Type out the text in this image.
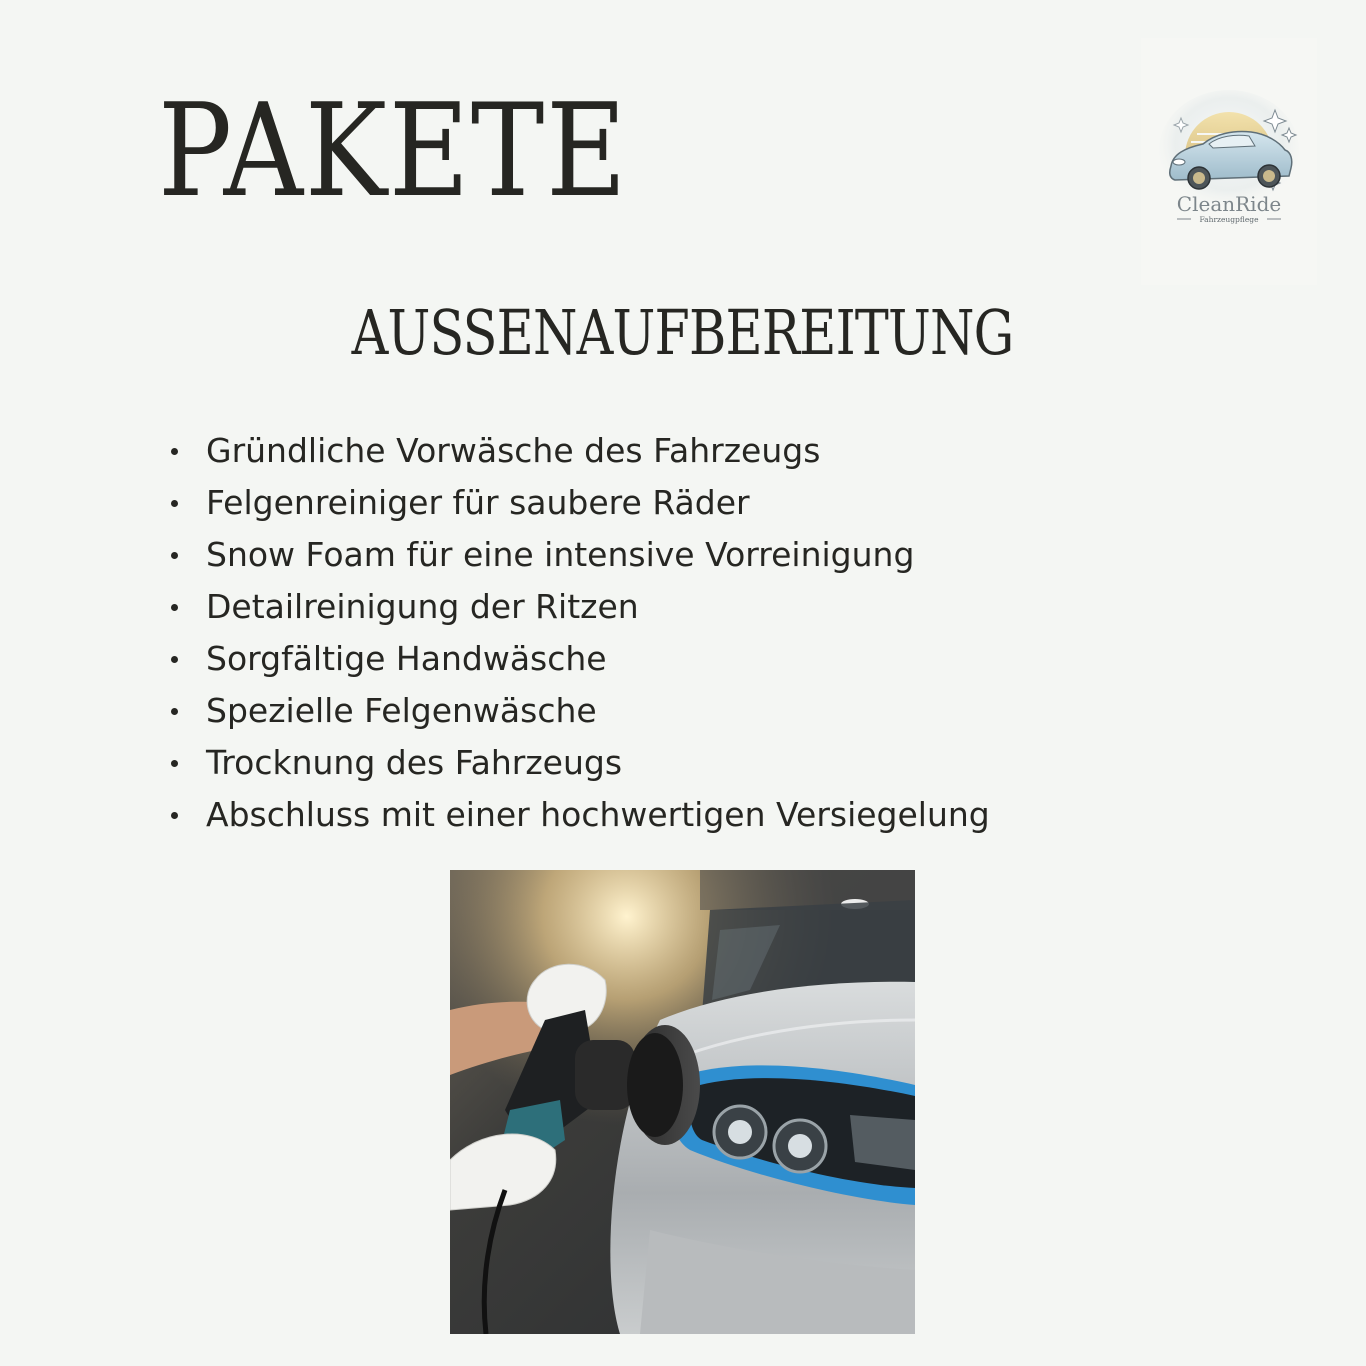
PAKETE	CleanRide
Fahrzeugpflege
AUSSENAUFBEREITUNG
Gründliche Vorwäsche des Fahrzeugs
Felgenreiniger für saubere Räder
Snow Foam für eine intensive Vorreinigung
Detailreinigung der Ritzen
Sorgfältige Handwäsche
Spezielle Felgenwäsche
Trocknung des Fahrzeugs
Abschluss mit einer hochwertigen Versiegelung
